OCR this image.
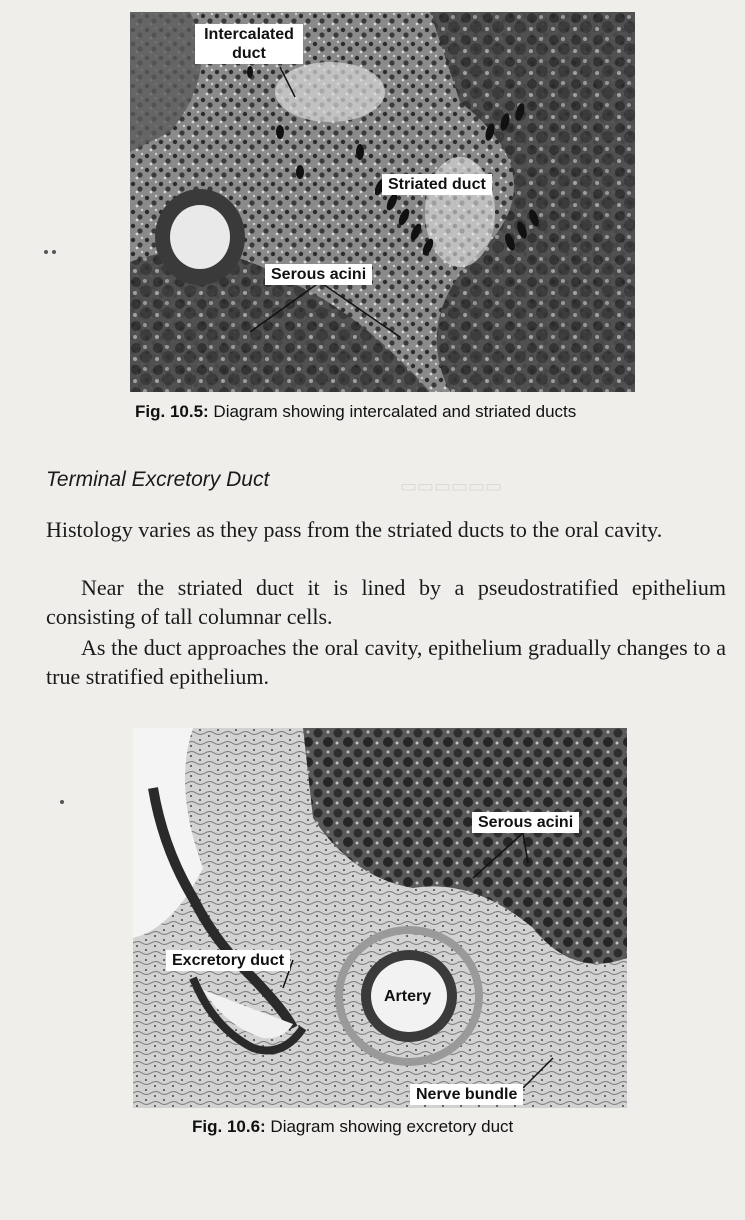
▭▭▭▭▭▭
Intercalated duct
Striated duct
Serous acini
Fig. 10.5: Diagram showing intercalated and striated ducts
Terminal Excretory Duct
Histology varies as they pass from the striated ducts to the oral cavity.
Near the striated duct it is lined by a pseudostratified epithelium consisting of tall columnar cells.
As the duct approaches the oral cavity, epithelium gradually changes to a true stratified epithelium.
Serous acini
Excretory duct
Artery
Nerve bundle
Fig. 10.6: Diagram showing excretory duct
